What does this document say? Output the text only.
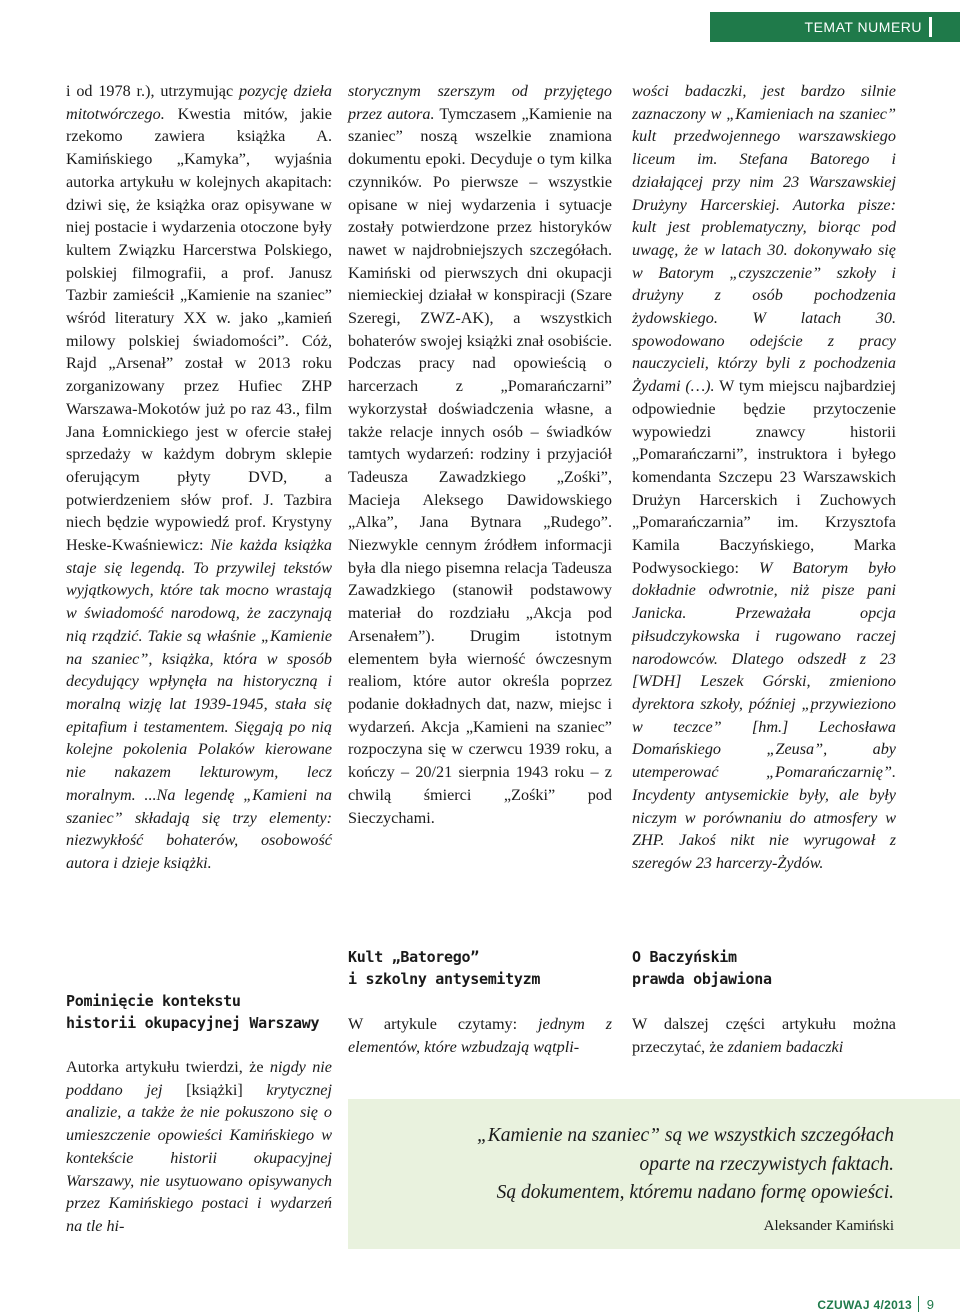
TEMAT NUMERU

i od 1978 r.), utrzymując pozycję dzieła mitotwórczego. Kwestia mitów, jakie rzekomo zawiera książka A. Kamińskiego „Kamyka”, wyjaśnia autorka artykułu w kolejnych akapitach: dziwi się, że książka oraz opisywane w niej postacie i wydarzenia otoczone były kultem Związku Harcerstwa Polskiego, polskiej filmografii, a prof. Janusz Tazbir zamieścił „Kamienie na szaniec” wśród literatury XX w. jako „kamień milowy polskiej świadomości”. Cóż, Rajd „Arsenał” został w 2013 roku zorganizowany przez Hufiec ZHP Warszawa-Mokotów już po raz 43., film Jana Łomnickiego jest w ofercie stałej sprzedaży w każdym dobrym sklepie oferującym płyty DVD, a potwierdzeniem słów prof. J. Tazbira niech będzie wypowiedź prof. Krystyny Heske-Kwaśniewicz: Nie każda książka staje się legendą. To przywilej tekstów wyjątkowych, które tak mocno wrastają w świadomość narodową, że zaczynają nią rządzić. Takie są właśnie „Kamienie na szaniec”, książka, która w sposób decydujący wpłynęła na historyczną i moralną wizję lat 1939-1945, stała się epitafium i testamentem. Sięgają po nią kolejne pokolenia Polaków kierowane nie nakazem lekturowym, lecz moralnym. ...Na legendę „Kamieni na szaniec” składają się trzy elementy: niezwykłość bohaterów, osobowość autora i dzieje książki.

Pominięcie kontekstu

historii okupacyjnej Warszawy

Autorka artykułu twierdzi, że nigdy nie poddano jej [książki] krytycznej analizie, a także że nie pokuszono się o umieszczenie opowieści Kamińskiego w kontekście historii okupacyjnej Warszawy, nie usytuowano opisywanych przez Kamińskiego postaci i wydarzeń na tle hi-

storycznym szerszym od przyjętego przez autora. Tymczasem „Kamienie na szaniec” noszą wszelkie znamiona dokumentu epoki. Decyduje o tym kilka czynników. Po pierwsze – wszystkie opisane w niej wydarzenia i sytuacje zostały potwierdzone przez historyków nawet w najdrobniejszych szczegółach. Kamiński od pierwszych dni okupacji niemieckiej działał w konspiracji (Szare Szeregi, ZWZ-AK), a wszystkich bohaterów swojej książki znał osobiście. Podczas pracy nad opowieścią o harcerzach z „Pomarańczarni” wykorzystał doświadczenia własne, a także relacje innych osób – świadków tamtych wydarzeń: rodziny i przyjaciół Tadeusza Zawadzkiego „Zośki”, Macieja Aleksego Dawidowskiego „Alka”, Jana Bytnara „Rudego”. Niezwykle cennym źródłem informacji była dla niego pisemna relacja Tadeusza Zawadzkiego (stanowił podstawowy materiał do rozdziału „Akcja pod Arsenałem”). Drugim istotnym elementem była wierność ówczesnym realiom, które autor określa poprzez podanie dokładnych dat, nazw, miejsc i wydarzeń. Akcja „Kamieni na szaniec” rozpoczyna się w czerwcu 1939 roku, a kończy – 20/21 sierpnia 1943 roku – z chwilą śmierci „Zośki” pod Sieczychami.

Kult „Batorego”

i szkolny antysemityzm

W artykule czytamy: jednym z elementów, które wzbudzają wątpli-

wości badaczki, jest bardzo silnie zaznaczony w „Kamieniach na szaniec” kult przedwojennego warszawskiego liceum im. Stefana Batorego i działającej przy nim 23 Warszawskiej Drużyny Harcerskiej. Autorka pisze: kult jest problematyczny, biorąc pod uwagę, że w latach 30. dokonywało się w Batorym „czyszczenie” szkoły i drużyny z osób pochodzenia żydowskiego. W latach 30. spowodowano odejście z pracy nauczycieli, którzy byli z pochodzenia Żydami (…). W tym miejscu najbardziej odpowiednie będzie przytoczenie wypowiedzi znawcy historii „Pomarańczarni”, instruktora i byłego komendanta Szczepu 23 Warszawskich Drużyn Harcerskich i Zuchowych „Pomarańczarnia” im. Krzysztofa Kamila Baczyńskiego, Marka Podwysockiego: W Batorym było dokładnie odwrotnie, niż pisze pani Janicka. Przeważała opcja piłsudczykowska i rugowano raczej narodowców. Dlatego odszedł z 23 [WDH] Leszek Górski, zmieniono dyrektora szkoły, później „przywieziono w teczce” [hm.] Lechosława Domańskiego „Zeusa”, aby utemperować „Pomarańczarnię”. Incydenty antysemickie były, ale były niczym w porównaniu do atmosfery w ZHP. Jakoś nikt nie wyrugował z szeregów 23 harcerzy-Żydów.

O Baczyńskim

prawda objawiona

W dalszej części artykułu można przeczytać, że zdaniem badaczki

„Kamienie na szaniec” są we wszystkich szczegółach
oparte na rzeczywistych faktach.
Są dokumentem, któremu nadano formę opowieści.
Aleksander Kamiński
CZUWAJ 4/2013 9
